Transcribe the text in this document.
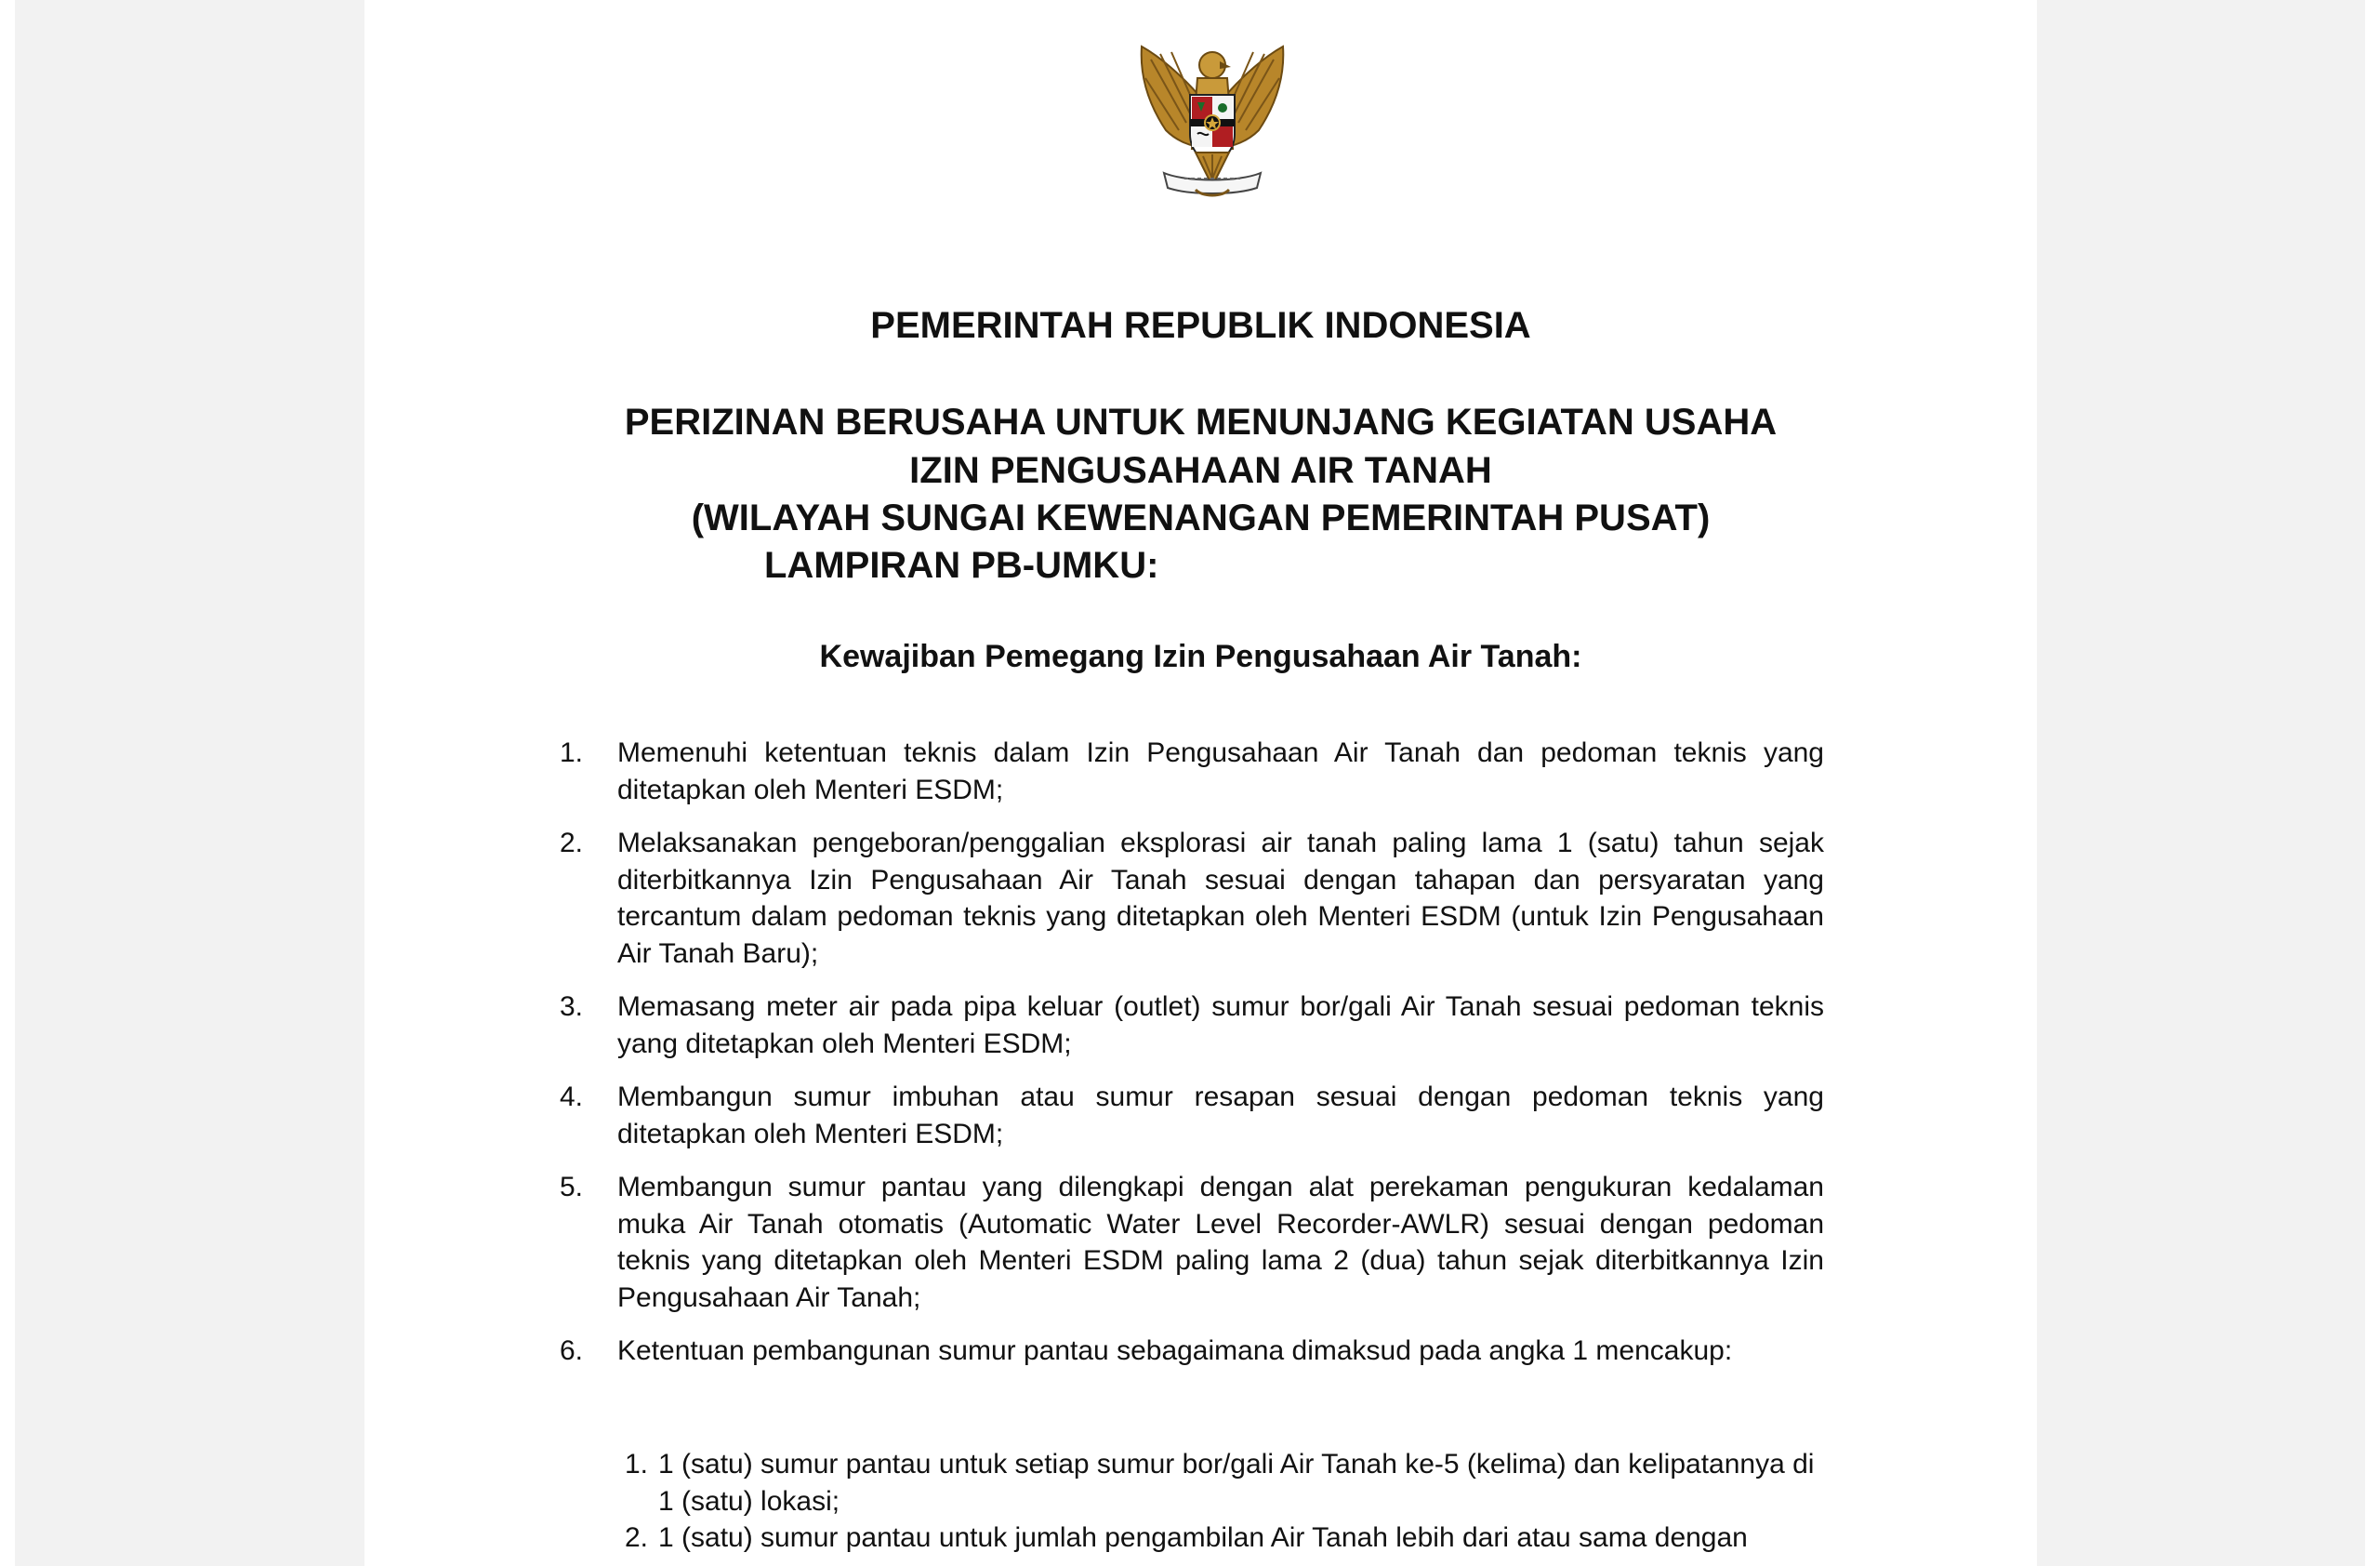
PEMERINTAH REPUBLIK INDONESIA
PERIZINAN BERUSAHA UNTUK MENUNJANG KEGIATAN USAHA
IZIN PENGUSAHAAN AIR TANAH
(WILAYAH SUNGAI KEWENANGAN PEMERINTAH PUSAT)
LAMPIRAN PB-UMKU:
Kewajiban Pemegang Izin Pengusahaan Air Tanah:
1. Memenuhi ketentuan teknis dalam Izin Pengusahaan Air Tanah dan pedoman teknis yang ditetapkan oleh Menteri ESDM;
2. Melaksanakan pengeboran/penggalian eksplorasi air tanah paling lama 1 (satu) tahun sejak diterbitkannya Izin Pengusahaan Air Tanah sesuai dengan tahapan dan persyaratan yang tercantum dalam pedoman teknis yang ditetapkan oleh Menteri ESDM (untuk Izin Pengusahaan Air Tanah Baru);
3. Memasang meter air pada pipa keluar (outlet) sumur bor/gali Air Tanah sesuai pedoman teknis yang ditetapkan oleh Menteri ESDM;
4. Membangun sumur imbuhan atau sumur resapan sesuai dengan pedoman teknis yang ditetapkan oleh Menteri ESDM;
5. Membangun sumur pantau yang dilengkapi dengan alat perekaman pengukuran kedalaman muka Air Tanah otomatis (Automatic Water Level Recorder-AWLR) sesuai dengan pedoman teknis yang ditetapkan oleh Menteri ESDM paling lama 2 (dua) tahun sejak diterbitkannya Izin Pengusahaan Air Tanah;
6. Ketentuan pembangunan sumur pantau sebagaimana dimaksud pada angka 1 mencakup:
1. 1 (satu) sumur pantau untuk setiap sumur bor/gali Air Tanah ke-5 (kelima) dan kelipatannya di 1 (satu) lokasi;
2. 1 (satu) sumur pantau untuk jumlah pengambilan Air Tanah lebih dari atau sama dengan
